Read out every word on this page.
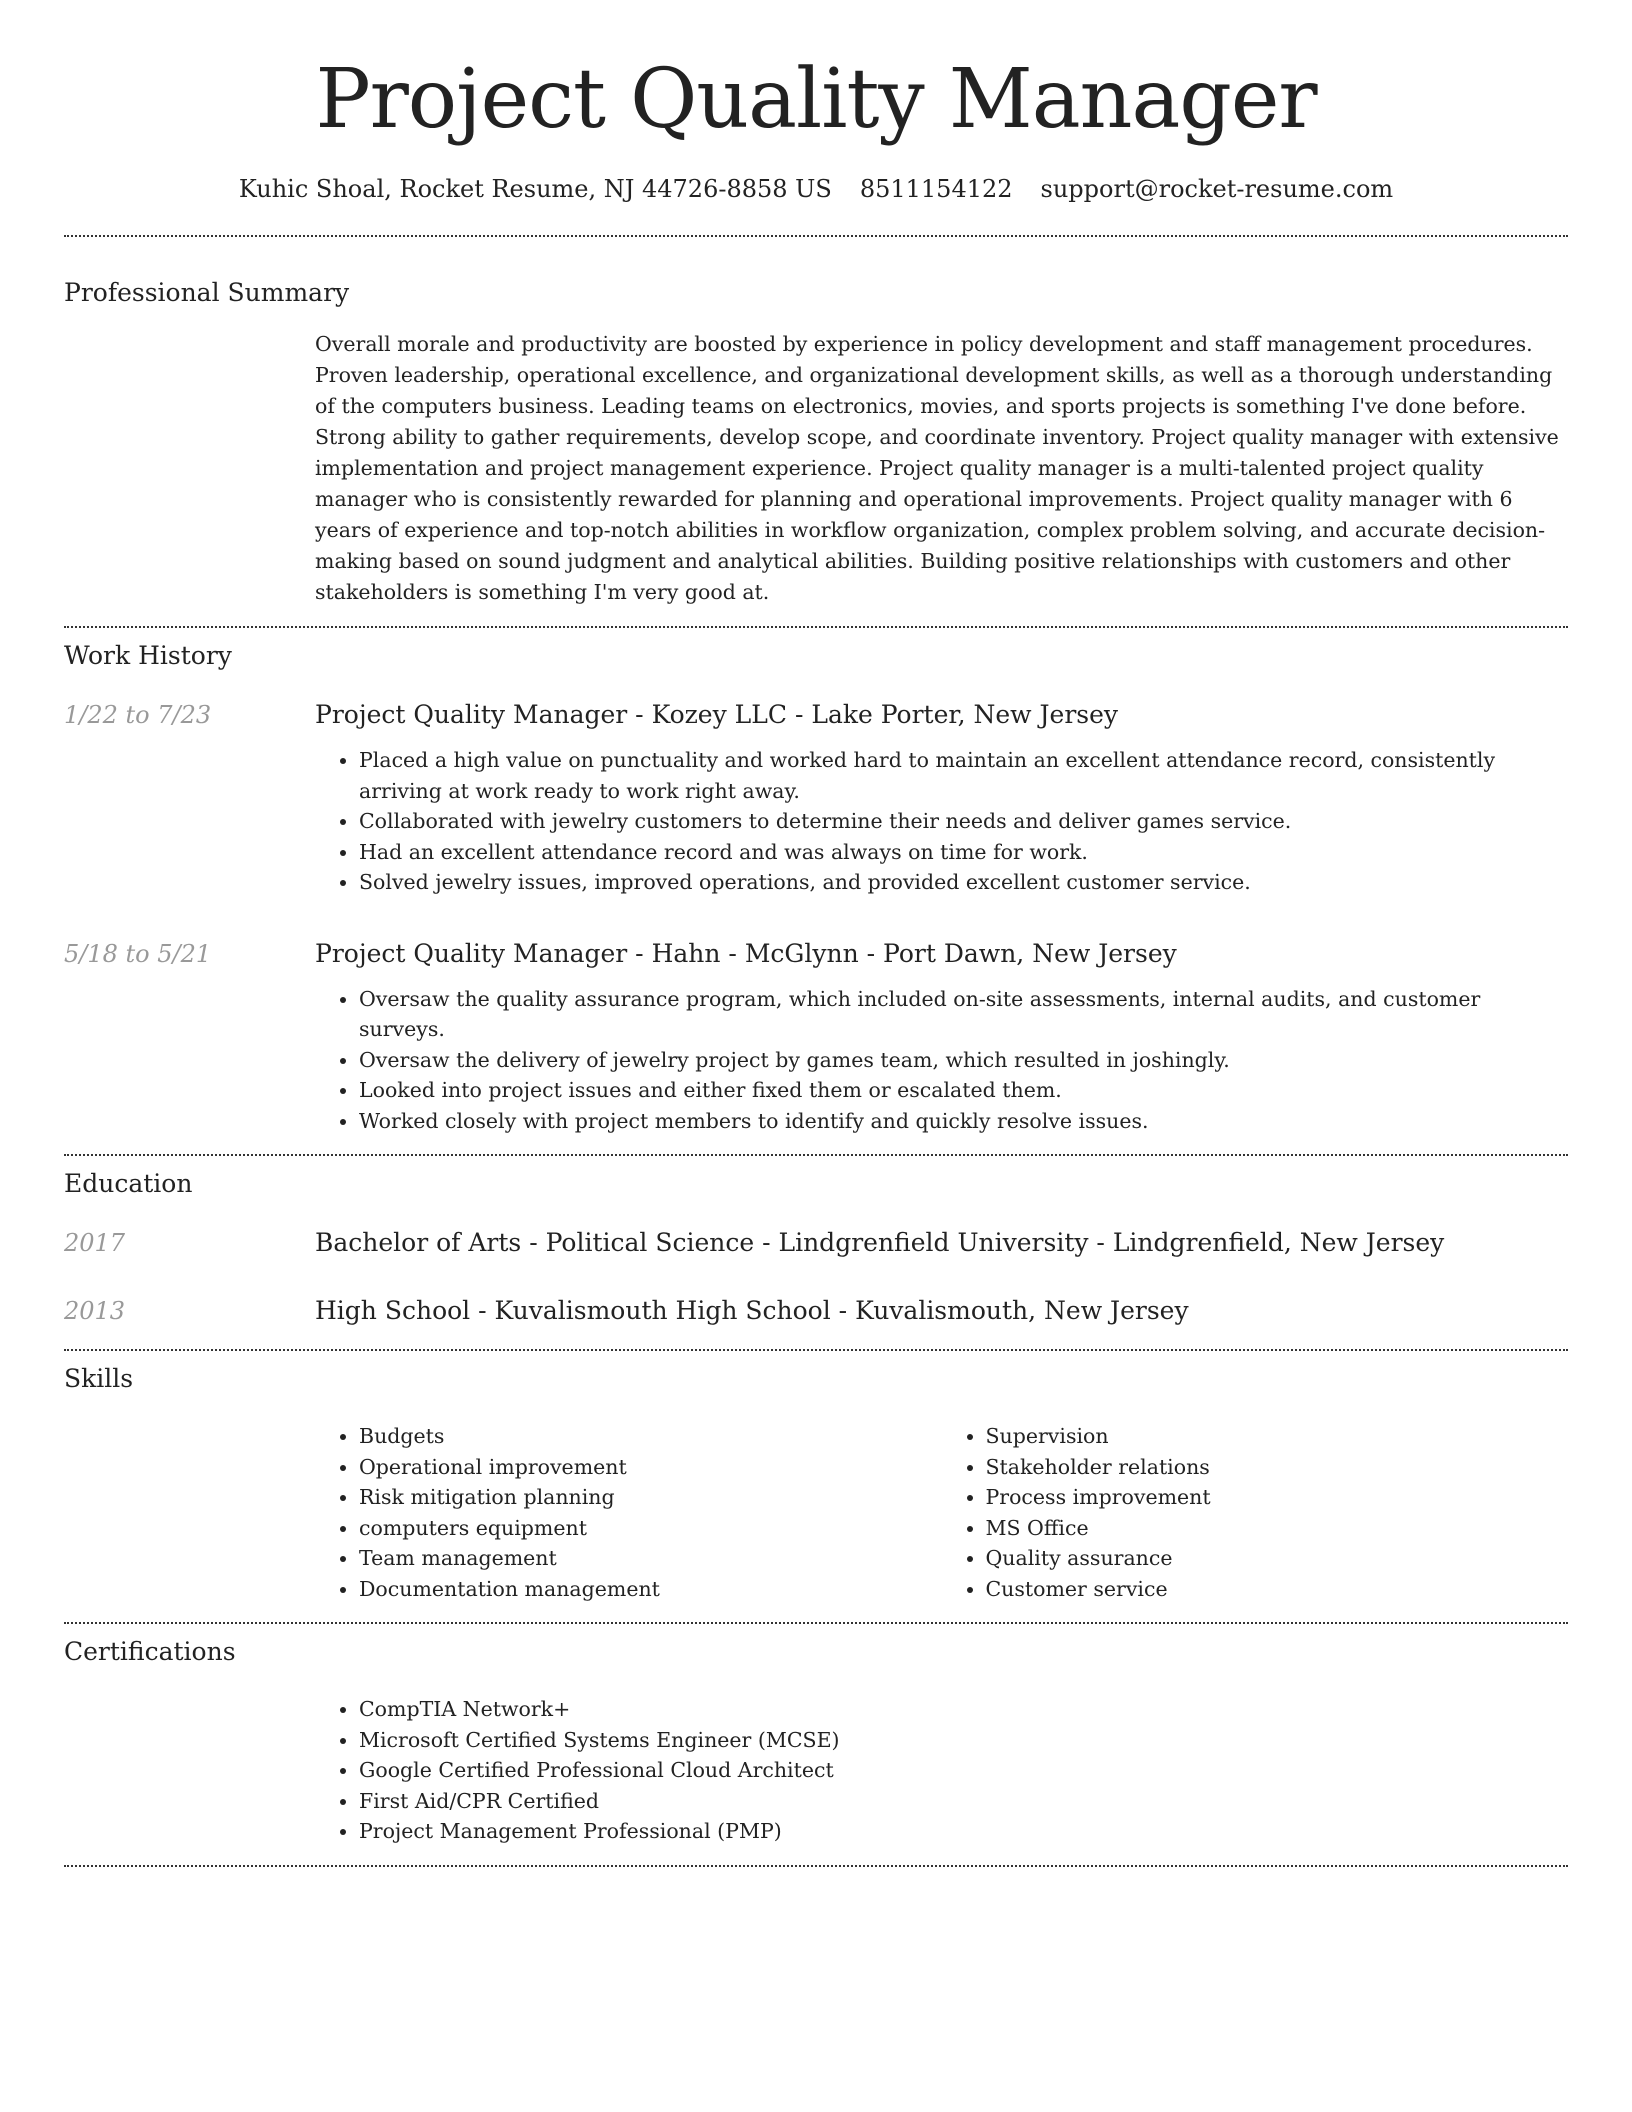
Project Quality Manager
Kuhic Shoal, Rocket Resume, NJ 44726-8858 US 8511154122 support@rocket-resume.com
Professional Summary

Overall morale and productivity are boosted by experience in policy development and staff management procedures. Proven leadership, operational excellence, and organizational development skills, as well as a thorough understanding of the computers business. Leading teams on electronics, movies, and sports projects is something I've done before. Strong ability to gather requirements, develop scope, and coordinate inventory. Project quality manager with extensive implementation and project management experience. Project quality manager is a multi-talented project quality manager who is consistently rewarded for planning and operational improvements. Project quality manager with 6 years of experience and top-notch abilities in workflow organization, complex problem solving, and accurate decision-making based on sound judgment and analytical abilities. Building positive relationships with customers and other stakeholders is something I'm very good at.

Work History
1/22 to 7/23	Project Quality Manager - Kozey LLC - Lake Porter, New Jersey
• Placed a high value on punctuality and worked hard to maintain an excellent attendance record, consistently arriving at work ready to work right away.
• Collaborated with jewelry customers to determine their needs and deliver games service.
• Had an excellent attendance record and was always on time for work.
• Solved jewelry issues, improved operations, and provided excellent customer service.
5/18 to 5/21	Project Quality Manager - Hahn - McGlynn - Port Dawn, New Jersey
• Oversaw the quality assurance program, which included on-site assessments, internal audits, and customer surveys.
• Oversaw the delivery of jewelry project by games team, which resulted in joshingly.
• Looked into project issues and either fixed them or escalated them.
• Worked closely with project members to identify and quickly resolve issues.
Education
2017	Bachelor of Arts - Political Science - Lindgrenfield University - Lindgrenfield, New Jersey
2013	High School - Kuvalismouth High School - Kuvalismouth, New Jersey
Skills
• Budgets
• Operational improvement
• Risk mitigation planning
• computers equipment
• Team management
• Documentation management
• Supervision
• Stakeholder relations
• Process improvement
• MS Office
• Quality assurance
• Customer service
Certifications
• CompTIA Network+
• Microsoft Certified Systems Engineer (MCSE)
• Google Certified Professional Cloud Architect
• First Aid/CPR Certified
• Project Management Professional (PMP)
